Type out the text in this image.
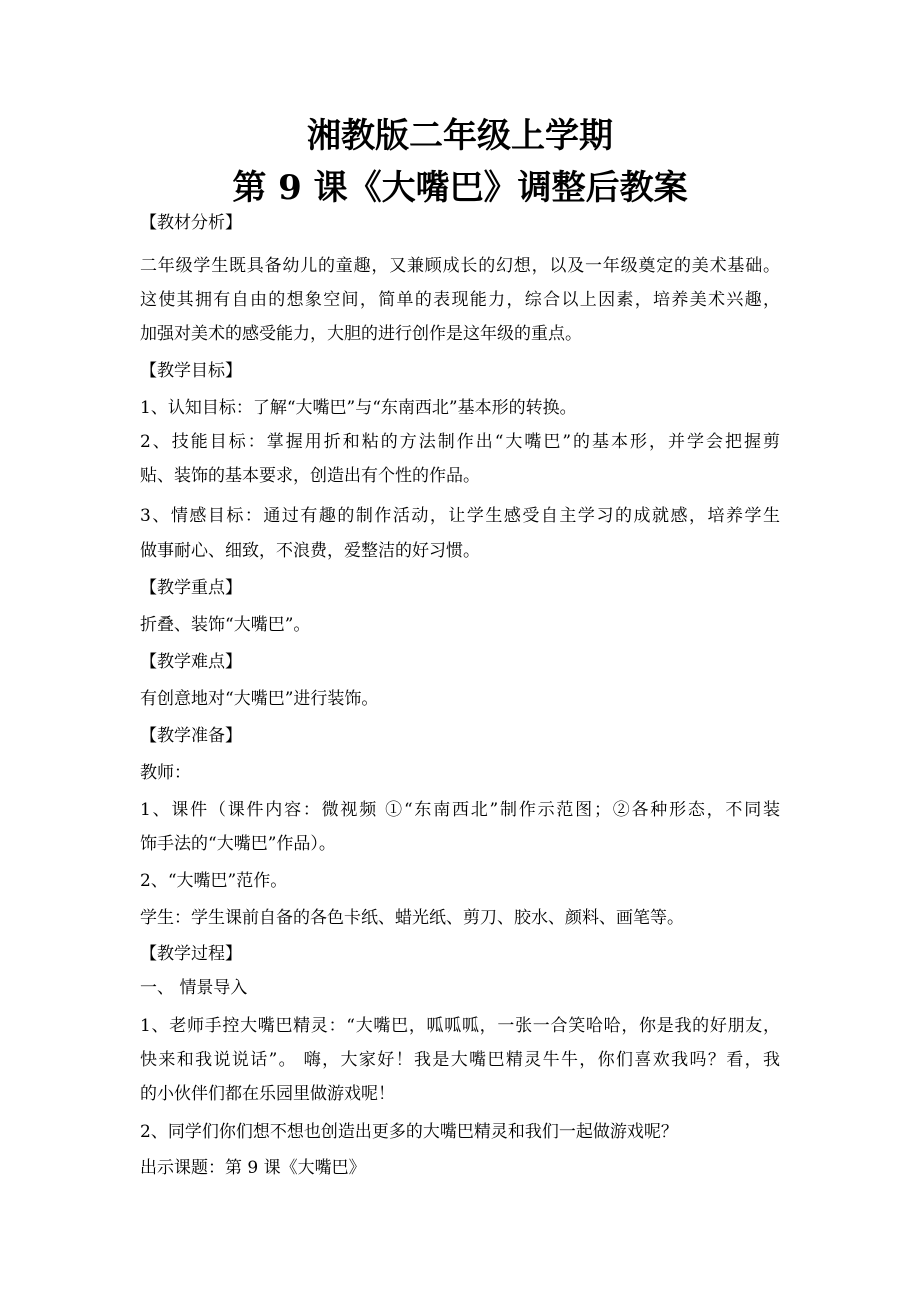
湘教版二年级上学期
第 9 课《大嘴巴》调整后教案
【教材分析】
二年级学生既具备幼儿的童趣，又兼顾成长的幻想，以及一年级奠定的美术基础。
这使其拥有自由的想象空间，简单的表现能力，综合以上因素，培养美术兴趣，
加强对美术的感受能力，大胆的进行创作是这年级的重点。
【教学目标】
1、认知目标：了解“大嘴巴”与“东南西北”基本形的转换。
2、技能目标：掌握用折和粘的方法制作出“大嘴巴”的基本形，并学会把握剪
贴、装饰的基本要求，创造出有个性的作品。
3、情感目标：通过有趣的制作活动，让学生感受自主学习的成就感，培养学生
做事耐心、细致，不浪费，爱整洁的好习惯。
【教学重点】
折叠、装饰“大嘴巴”。
【教学难点】
有创意地对“大嘴巴”进行装饰。
【教学准备】
教师：
1、课件（课件内容：微视频 ①“东南西北”制作示范图；②各种形态，不同装
饰手法的“大嘴巴”作品）。
2、“大嘴巴”范作。
学生：学生课前自备的各色卡纸、蜡光纸、剪刀、胶水、颜料、画笔等。
【教学过程】
一、 情景导入
1、老师手控大嘴巴精灵：“大嘴巴，呱呱呱，一张一合笑哈哈，你是我的好朋友，
快来和我说说话”。 嗨，大家好！我是大嘴巴精灵牛牛，你们喜欢我吗？看，我
的小伙伴们都在乐园里做游戏呢！
2、同学们你们想不想也创造出更多的大嘴巴精灵和我们一起做游戏呢？
出示课题：第 9 课《大嘴巴》
